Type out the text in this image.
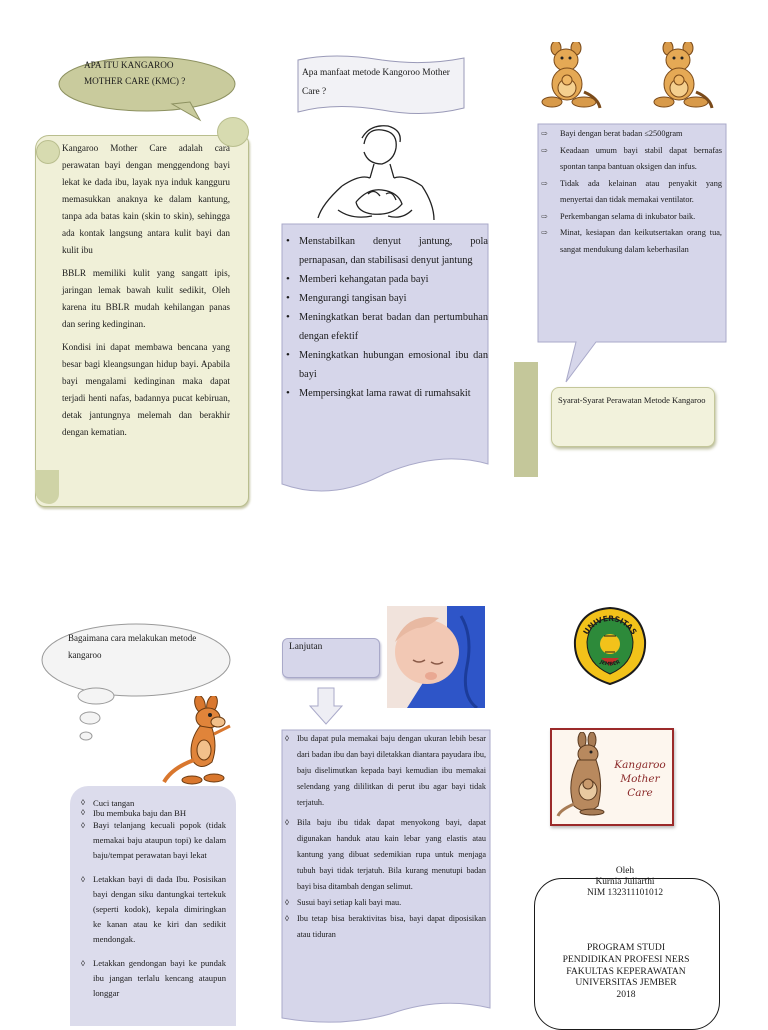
APA ITU KANGAROO MOTHER CARE (KMC) ?

Kangaroo Mother Care adalah cara perawatan bayi dengan menggendong bayi lekat ke dada ibu, layak nya induk kangguru memasukkan anaknya ke dalam kantung, tanpa ada batas kain (skin to skin), sehingga ada kontak langsung antara kulit bayi dan kulit ibu

BBLR memiliki kulit yang sangatt ipis, jaringan lemak bawah kulit sedikit, Oleh karena itu BBLR mudah kehilangan panas dan sering kedinginan.

Kondisi ini dapat membawa bencana yang besar bagi kleangsungan hidup bayi. Apabila bayi mengalami kedinginan maka dapat terjadi henti nafas, badannya pucat kebiruan, detak jantungnya melemah dan berakhir dengan kematian.

Apa manfaat metode Kangoroo Mother Care ?
• Menstabilkan denyut jantung, pola pernapasan, dan stabilisasi denyut jantung
• Memberi kehangatan pada bayi
• Mengurangi tangisan bayi
• Meningkatkan berat badan dan pertumbuhan dengan efektif
• Meningkatkan hubungan emosional ibu dan bayi
• Mempersingkat lama rawat di rumahsakit
⇨ Bayi dengan berat badan ≤2500gram
⇨ Keadaan umum bayi stabil dapat bernafas spontan tanpa bantuan oksigen dan infus.
⇨ Tidak ada kelainan atau penyakit yang menyertai dan tidak memakai ventilator.
⇨ Perkembangan selama di inkubator baik.
⇨ Minat, kesiapan dan keikutsertakan orang tua, sangat mendukung dalam keberhasilan
Syarat-Syarat Perawatan Metode Kangaroo
Bagaimana cara melakukan metode kangaroo
◊ Cuci tangan
◊ Ibu membuka baju dan BH
◊ Bayi telanjang kecuali popok (tidak memakai baju ataupun topi) ke dalam baju/tempat perawatan bayi lekat
◊ Letakkan bayi di dada Ibu. Posisikan bayi dengan siku dantungkai tertekuk (seperti kodok), kepala dimiringkan ke kanan atau ke kiri dan sedikit mendongak.
◊ Letakkan gendongan bayi ke pundak ibu jangan terlalu kencang ataupun longgar
Lanjutan
◊ Ibu dapat pula memakai baju dengan ukuran lebih besar dari badan ibu dan bayi diletakkan diantara payudara ibu, baju diselimutkan kepada bayi kemudian ibu memakai selendang yang dililitkan di perut ibu agar bayi tidak terjatuh.
◊ Bila baju ibu tidak dapat menyokong bayi, dapat digunakan handuk atau kain lebar yang elastis atau kantung yang dibuat sedemikian rupa untuk menjaga tubuh bayi tidak terjatuh. Bila kurang menutupi badan bayi bisa ditambah dengan selimut.
◊ Susui bayi setiap kali bayi mau.
◊ Ibu tetap bisa beraktivitas bisa, bayi dapat diposisikan atau tiduran
UNIVERSITAS
JEMBER
Kangaroo Mother Care
Oleh
Kurnia Juliarthi
NIM 132311101012
PROGRAM STUDI
PENDIDIKAN PROFESI NERS
FAKULTAS KEPERAWATAN
UNIVERSITAS JEMBER
2018
